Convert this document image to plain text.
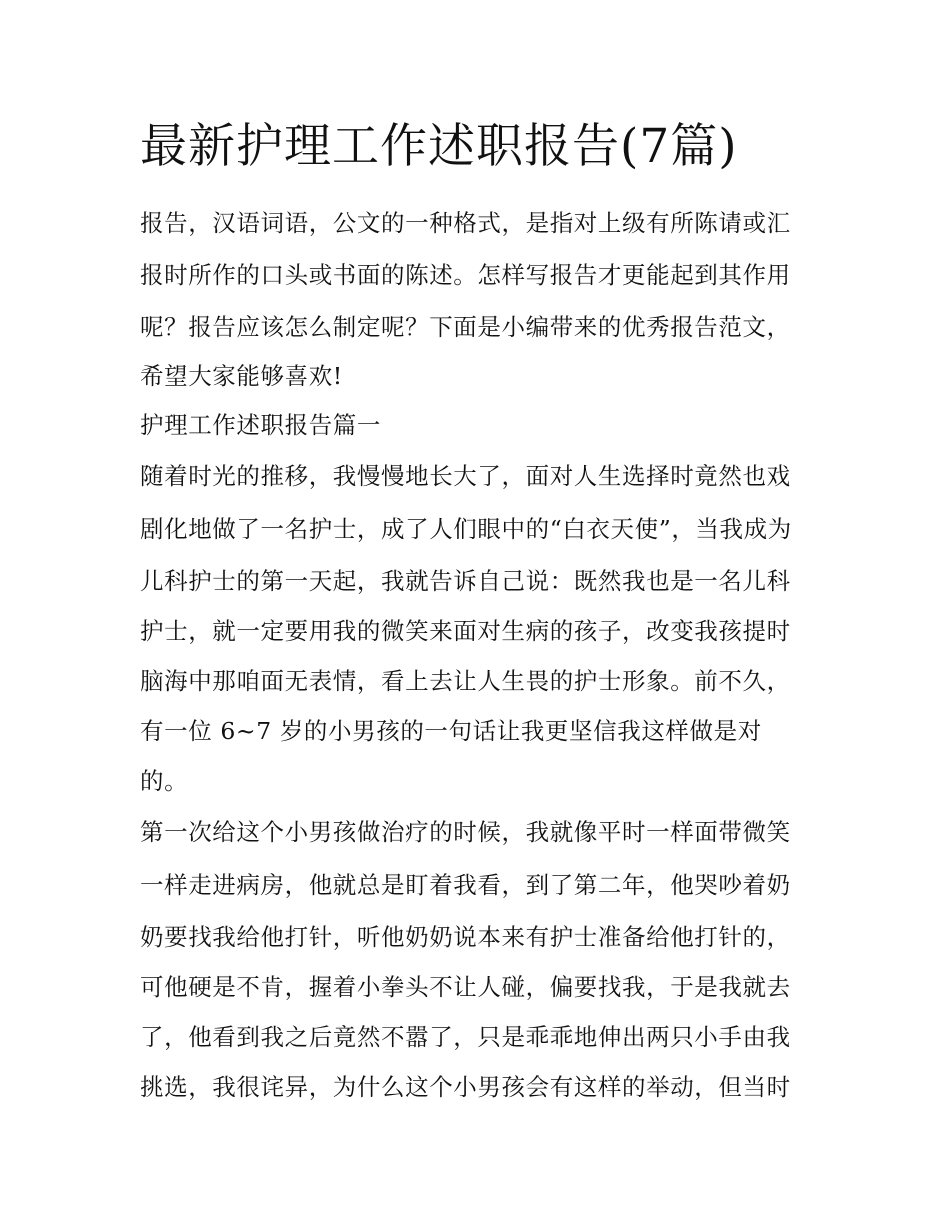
最新护理工作述职报告(7篇)

报告，汉语词语，公文的一种格式，是指对上级有所陈请或汇

报时所作的口头或书面的陈述。怎样写报告才更能起到其作用

呢？报告应该怎么制定呢？下面是小编带来的优秀报告范文，

希望大家能够喜欢!

护理工作述职报告篇一

随着时光的推移，我慢慢地长大了，面对人生选择时竟然也戏

剧化地做了一名护士，成了人们眼中的“白衣天使”，当我成为

儿科护士的第一天起，我就告诉自己说：既然我也是一名儿科

护士，就一定要用我的微笑来面对生病的孩子，改变我孩提时

脑海中那咱面无表情，看上去让人生畏的护士形象。前不久，

有一位 6~7 岁的小男孩的一句话让我更坚信我这样做是对

的。

第一次给这个小男孩做治疗的时候，我就像平时一样面带微笑

一样走进病房，他就总是盯着我看，到了第二年，他哭吵着奶

奶要找我给他打针，听他奶奶说本来有护士准备给他打针的，

可他硬是不肯，握着小拳头不让人碰，偏要找我，于是我就去

了，他看到我之后竟然不嚣了，只是乖乖地伸出两只小手由我

挑选，我很诧异，为什么这个小男孩会有这样的举动，但当时
